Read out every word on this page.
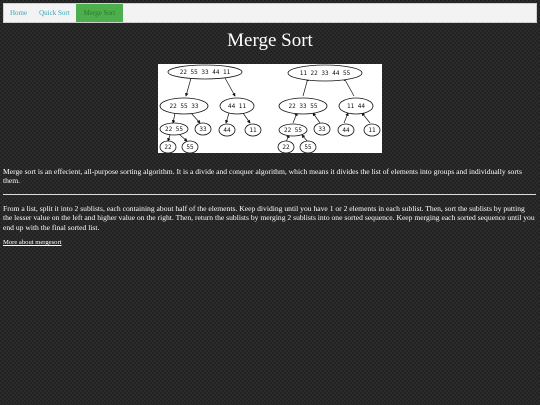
Home	Quick Sort	Merge Sort
Merge Sort
22 55 33 44 11
22 55 33	44 11
22 55	33	44	11
22 55
11 22 33 44 55
22 33 55	11 44
22 55	33	44	11
22 55

Merge sort is an effecient, all-purpose sorting algorithm. It is a divide and conquer algorithm, which means it divides the list of elements into groups and individually sorts them.

From a list, split it into 2 sublists, each containing about half of the elements. Keep dividing until you have 1 or 2 elements in each sublist. Then, sort the sublists by putting the lesser value on the left and higher value on the right. Then, return the sublists by merging 2 sublists into one sorted sequence. Keep merging each sorted sequence until you end up with the final sorted list.

More about mergesort
